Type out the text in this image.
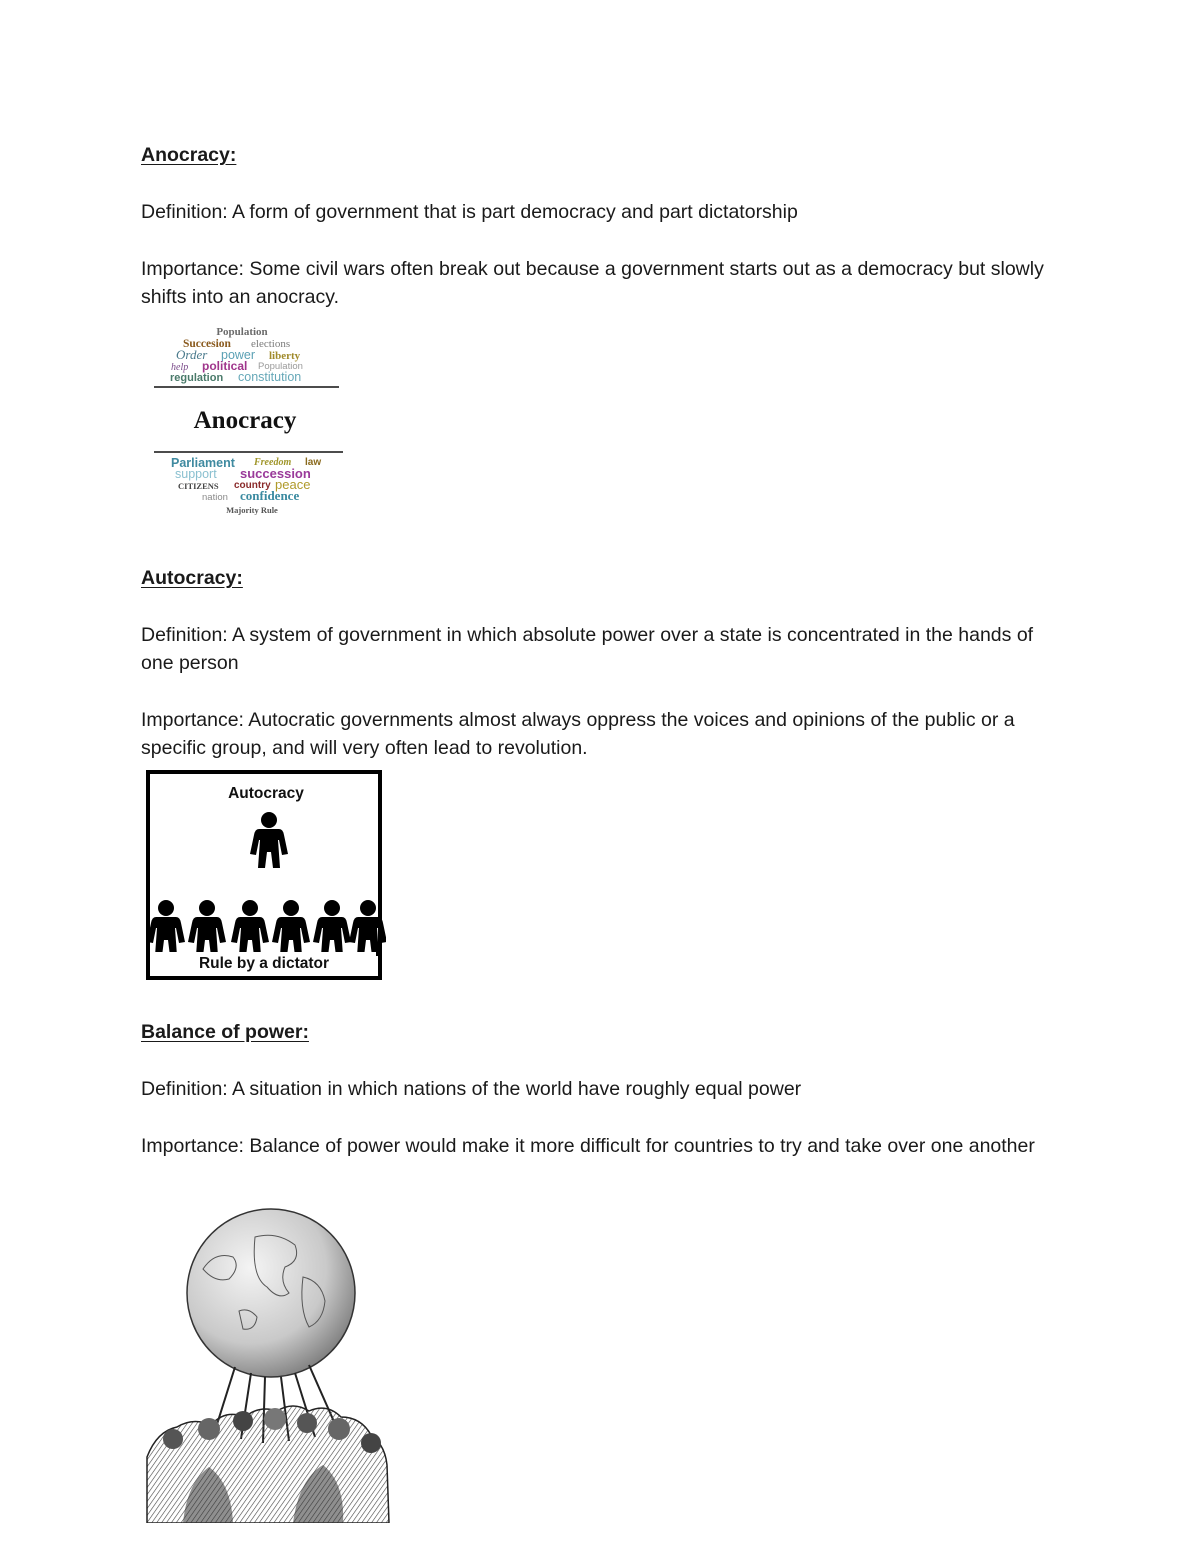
Anocracy:

Definition: A form of government that is part democracy and part dictatorship

Importance: Some civil wars often break out because a government starts out as a democracy but slowly shifts into an anocracy.

Population
Succesion elections
Order power liberty
help political Population
regulation constitution
Anocracy
Parliament Freedom law
support succession
CITIZENS country peace
nation confidence
Majority Rule

Autocracy:

Definition: A system of government in which absolute power over a state is concentrated in the hands of one person

Importance: Autocratic governments almost always oppress the voices and opinions of the public or a specific group, and will very often lead to revolution.

Autocracy
Rule by a dictator

Balance of power:

Definition: A situation in which nations of the world have roughly equal power

Importance: Balance of power would make it more difficult for countries to try and take over one another
